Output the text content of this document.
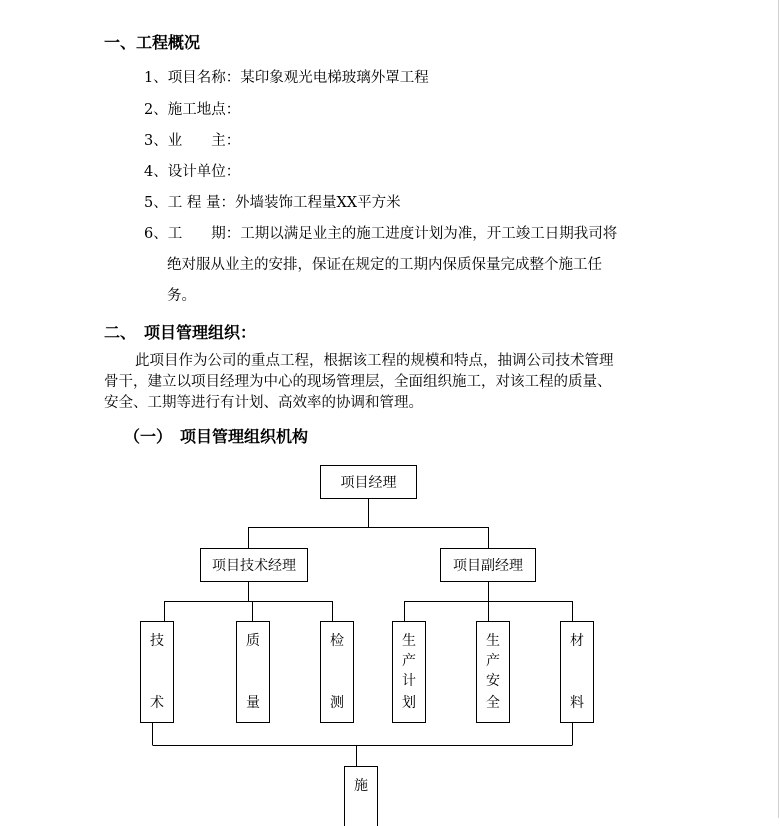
一、工程概况
1、项目名称：某印象观光电梯玻璃外罩工程
2、施工地点：
3、业　　主：
4、设计单位：
5、工 程 量：外墙装饰工程量XX平方米
6、工　　期：工期以满足业主的施工进度计划为准，开工竣工日期我司将
绝对服从业主的安排，保证在规定的工期内保质保量完成整个施工任
务。
二、　项目管理组织：
此项目作为公司的重点工程，根据该工程的规模和特点，抽调公司技术管理
骨干，建立以项目经理为中心的现场管理层，全面组织施工，对该工程的质量、
安全、工期等进行有计划、高效率的协调和管理。
（一）　项目管理组织机构
项目经理
项目技术经理	项目副经理
技
术
质
量
检
测
生
产
计
划
生
产
安
全
材
料
施
